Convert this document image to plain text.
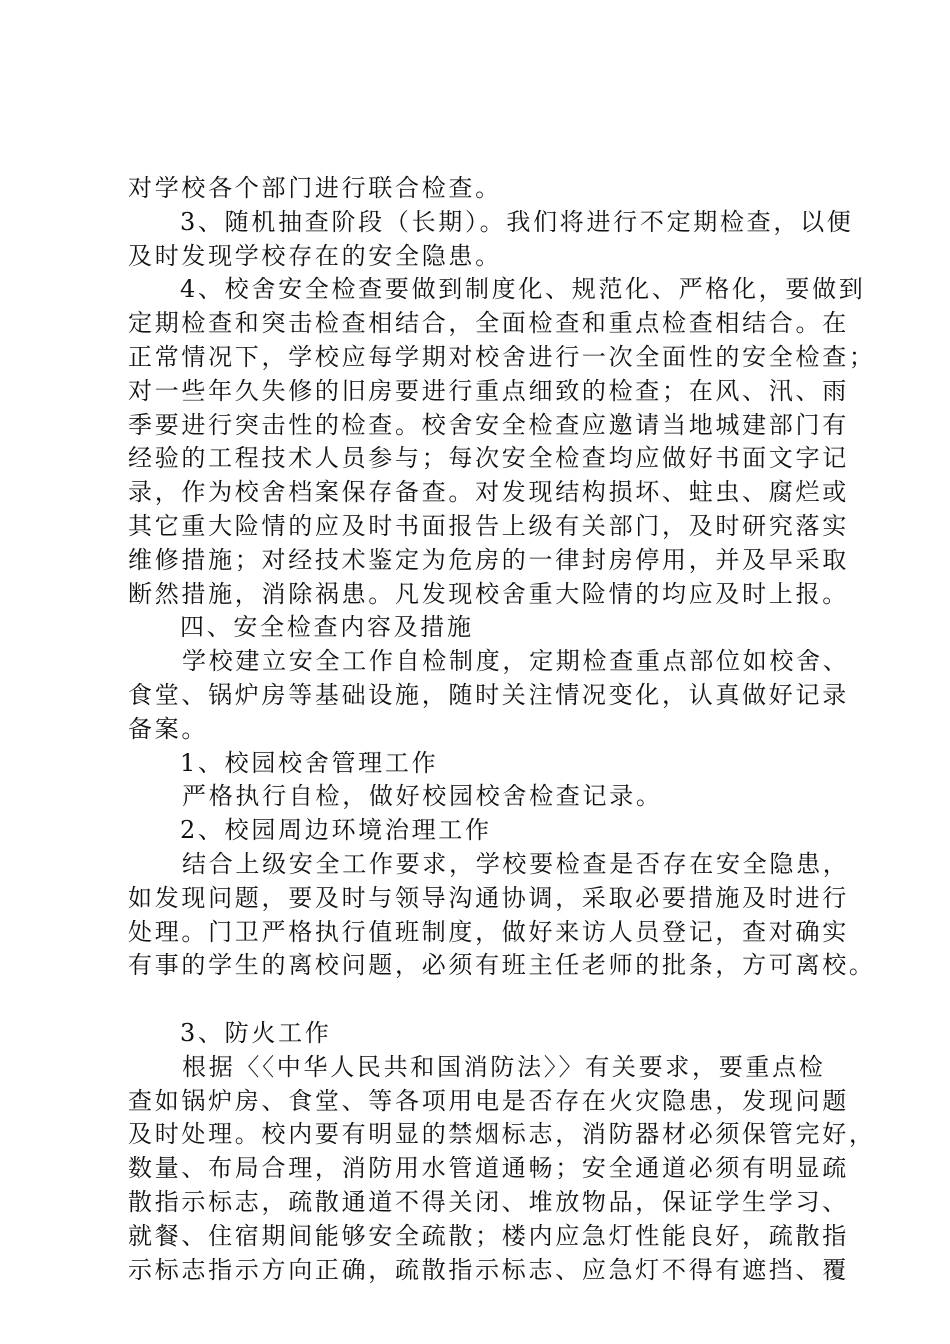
对学校各个部门进行联合检查。
3、随机抽查阶段（长期）。我们将进行不定期检查，以便
及时发现学校存在的安全隐患。
4、校舍安全检查要做到制度化、规范化、严格化，要做到
定期检查和突击检查相结合，全面检查和重点检查相结合。在
正常情况下，学校应每学期对校舍进行一次全面性的安全检查；
对一些年久失修的旧房要进行重点细致的检查；在风、汛、雨
季要进行突击性的检查。校舍安全检查应邀请当地城建部门有
经验的工程技术人员参与；每次安全检查均应做好书面文字记
录，作为校舍档案保存备查。对发现结构损坏、蛀虫、腐烂或
其它重大险情的应及时书面报告上级有关部门，及时研究落实
维修措施；对经技术鉴定为危房的一律封房停用，并及早采取
断然措施，消除祸患。凡发现校舍重大险情的均应及时上报。
四、安全检查内容及措施
学校建立安全工作自检制度，定期检查重点部位如校舍、
食堂、锅炉房等基础设施，随时关注情况变化，认真做好记录
备案。
1、校园校舍管理工作
严格执行自检，做好校园校舍检查记录。
2、校园周边环境治理工作
结合上级安全工作要求，学校要检查是否存在安全隐患，
如发现问题，要及时与领导沟通协调，采取必要措施及时进行
处理。门卫严格执行值班制度，做好来访人员登记，查对确实
有事的学生的离校问题，必须有班主任老师的批条，方可离校。
3、防火工作
根据〈〈中华人民共和国消防法〉〉有关要求，要重点检
查如锅炉房、食堂、等各项用电是否存在火灾隐患，发现问题
及时处理。校内要有明显的禁烟标志，消防器材必须保管完好，
数量、布局合理，消防用水管道通畅；安全通道必须有明显疏
散指示标志，疏散通道不得关闭、堆放物品，保证学生学习、
就餐、住宿期间能够安全疏散；楼内应急灯性能良好，疏散指
示标志指示方向正确，疏散指示标志、应急灯不得有遮挡、覆
